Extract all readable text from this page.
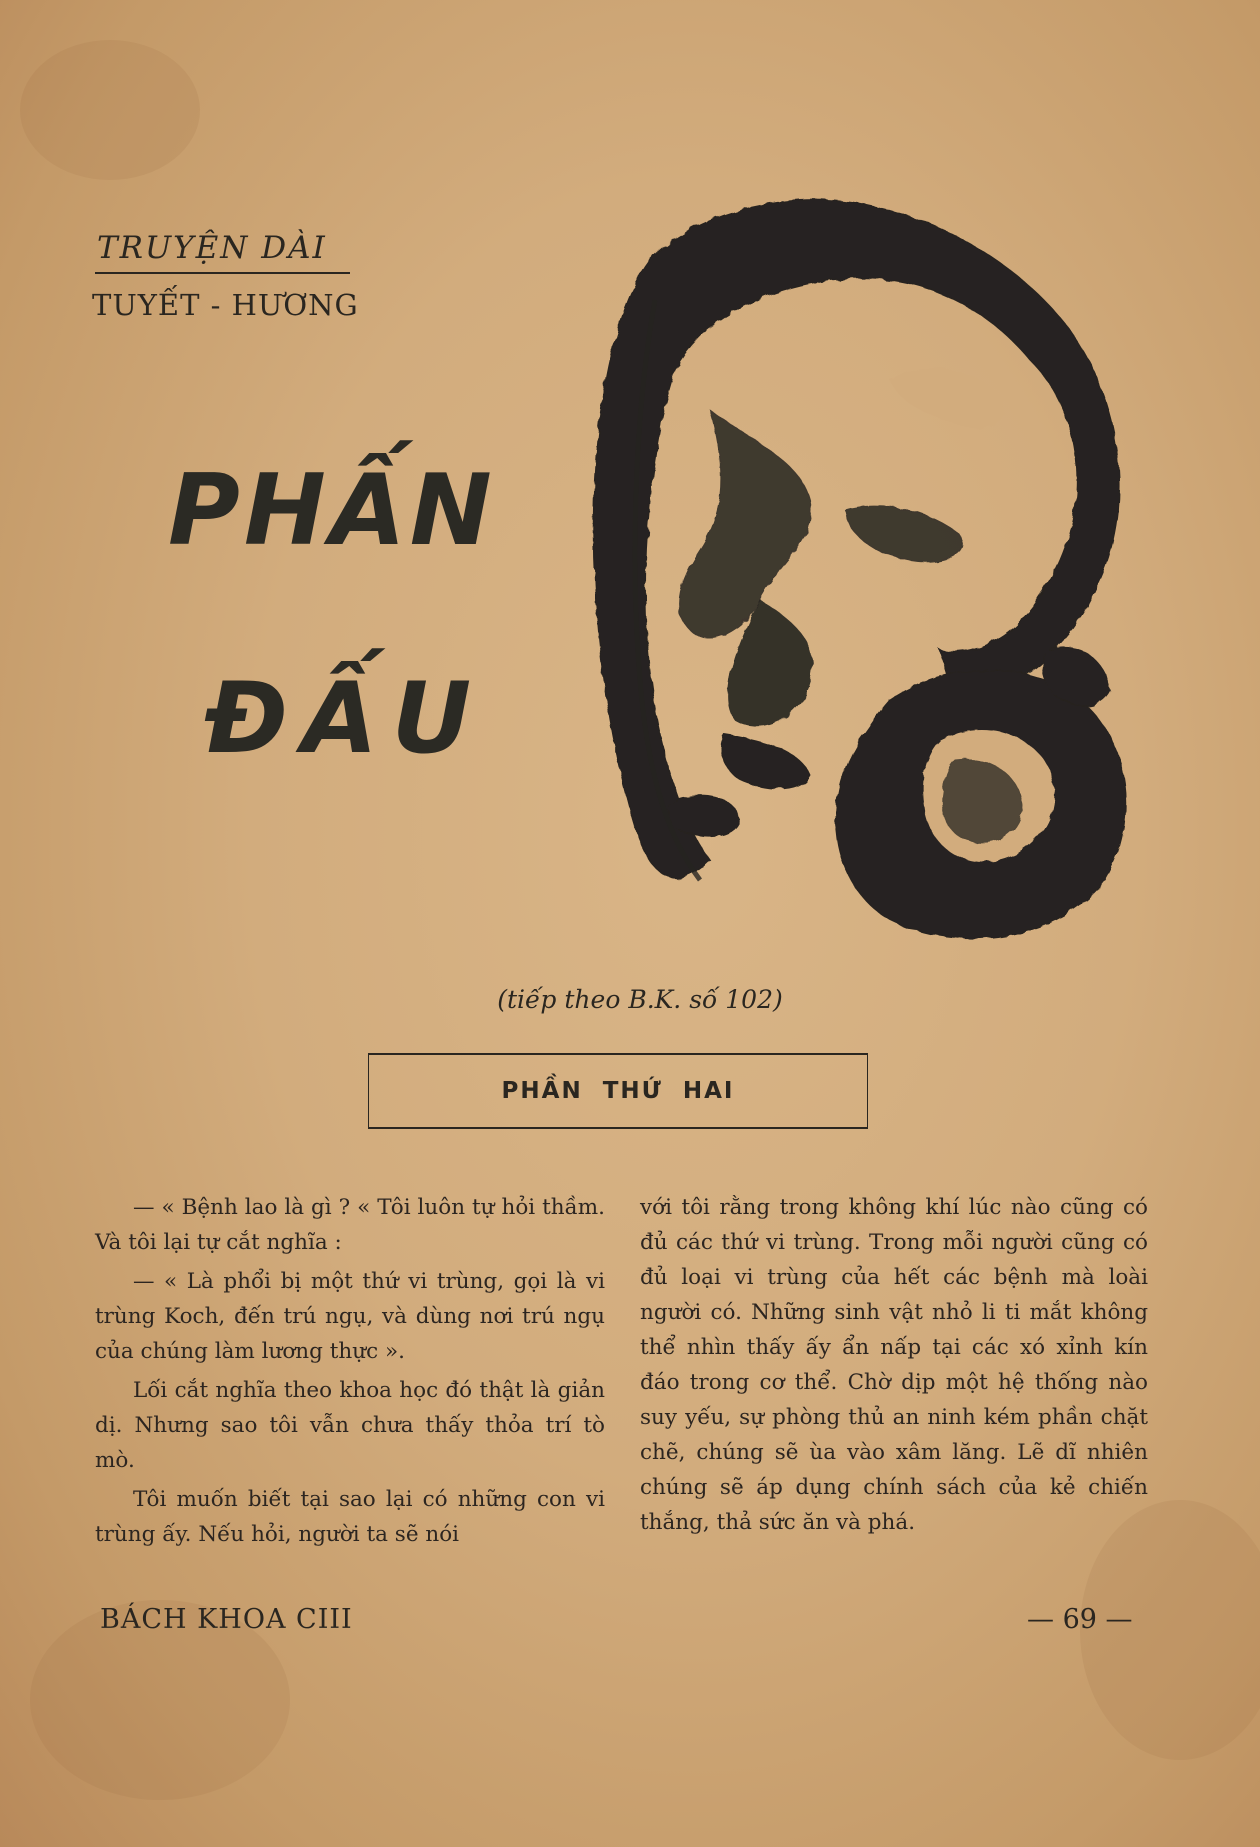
TRUYỆN DÀI
TUYẾT - HƯƠNG
PHẤN
ĐẤU
(tiếp theo B.K. số 102)
PHẦN THỨ HAI

— « Bệnh lao là gì ? « Tôi luôn tự hỏi thầm. Và tôi lại tự cắt nghĩa :

— « Là phổi bị một thứ vi trùng, gọi là vi trùng Koch, đến trú ngụ, và dùng nơi trú ngụ của chúng làm lương thực ».

Lối cắt nghĩa theo khoa học đó thật là giản dị. Nhưng sao tôi vẫn chưa thấy thỏa trí tò mò.

Tôi muốn biết tại sao lại có những con vi trùng ấy. Nếu hỏi, người ta sẽ nói

với tôi rằng trong không khí lúc nào cũng có đủ các thứ vi trùng. Trong mỗi người cũng có đủ loại vi trùng của hết các bệnh mà loài người có. Những sinh vật nhỏ li ti mắt không thể nhìn thấy ấy ẩn nấp tại các xó xỉnh kín đáo trong cơ thể. Chờ dịp một hệ thống nào suy yếu, sự phòng thủ an ninh kém phần chặt chẽ, chúng sẽ ùa vào xâm lăng. Lẽ dĩ nhiên chúng sẽ áp dụng chính sách của kẻ chiến thắng, thả sức ăn và phá.

BÁCH KHOA CIII	— 69 —
